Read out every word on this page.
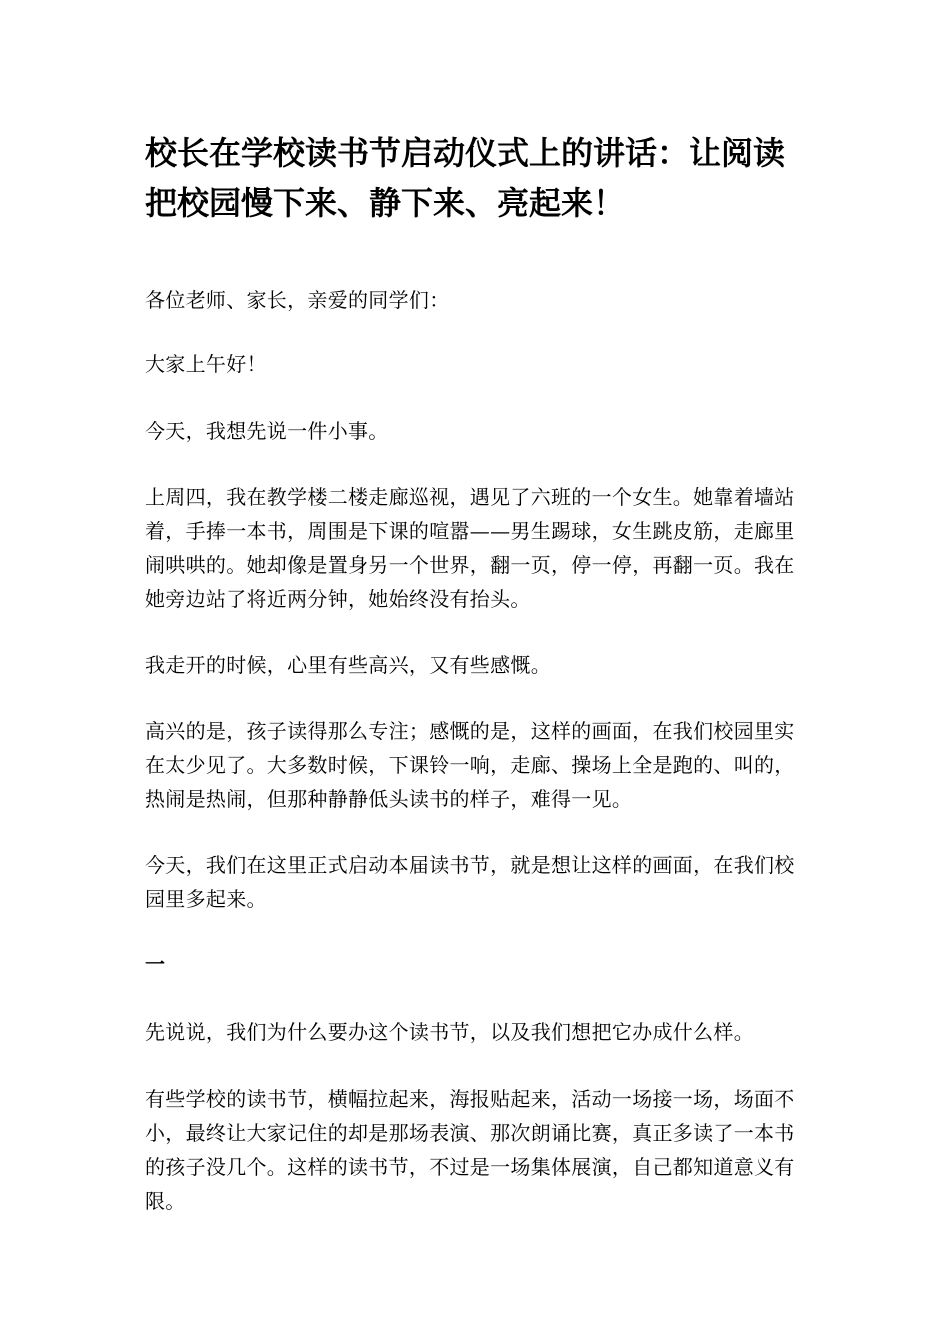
校长在学校读书节启动仪式上的讲话：让阅读把校园慢下来、静下来、亮起来！

各位老师、家长，亲爱的同学们：

大家上午好！

今天，我想先说一件小事。

上周四，我在教学楼二楼走廊巡视，遇见了六班的一个女生。她靠着墙站着，手捧一本书，周围是下课的喧嚣——男生踢球，女生跳皮筋，走廊里闹哄哄的。她却像是置身另一个世界，翻一页，停一停，再翻一页。我在她旁边站了将近两分钟，她始终没有抬头。

我走开的时候，心里有些高兴，又有些感慨。

高兴的是，孩子读得那么专注；感慨的是，这样的画面，在我们校园里实在太少见了。大多数时候，下课铃一响，走廊、操场上全是跑的、叫的，热闹是热闹，但那种静静低头读书的样子，难得一见。

今天，我们在这里正式启动本届读书节，就是想让这样的画面，在我们校园里多起来。

一

先说说，我们为什么要办这个读书节，以及我们想把它办成什么样。

有些学校的读书节，横幅拉起来，海报贴起来，活动一场接一场，场面不小，最终让大家记住的却是那场表演、那次朗诵比赛，真正多读了一本书的孩子没几个。这样的读书节，不过是一场集体展演，自己都知道意义有限。
